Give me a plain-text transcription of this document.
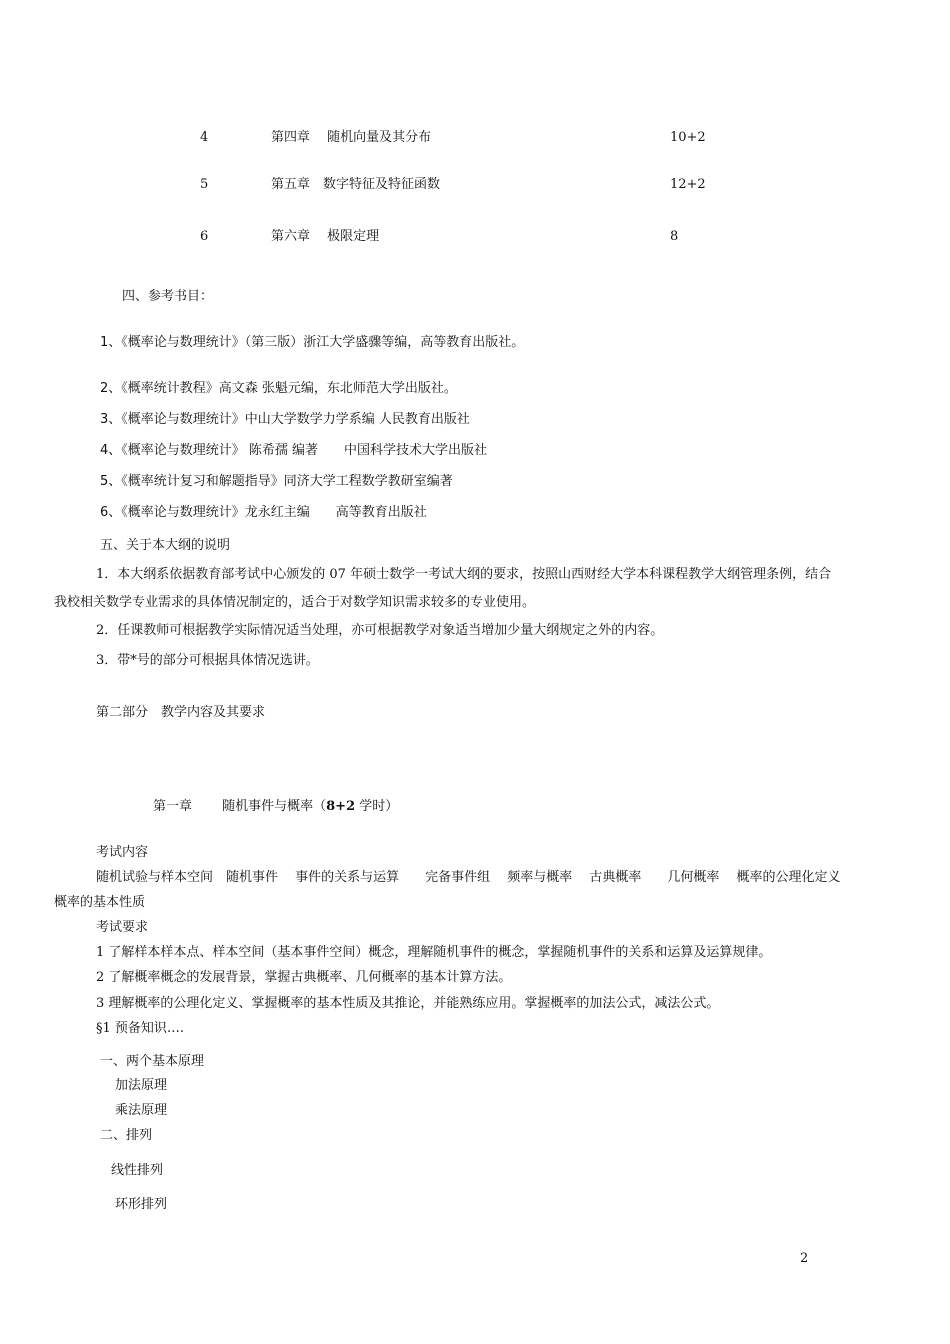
4	第四章　 随机向量及其分布	10+2
5	第五章　数字特征及特征函数	12+2
6	第六章　 极限定理	8
四、参考书目：
1、《概率论与数理统计》（第三版）浙江大学盛骤等编，高等教育出版社。
2、《概率统计教程》高文森 张魁元编，东北师范大学出版社。
3、《概率论与数理统计》中山大学数学力学系编 人民教育出版社
4、《概率论与数理统计》 陈希孺 编著　　中国科学技术大学出版社
5、《概率统计复习和解题指导》同济大学工程数学教研室编著
6、《概率论与数理统计》龙永红主编　　高等教育出版社
五、关于本大纲的说明
1．本大纲系依据教育部考试中心颁发的 07 年硕士数学一考试大纲的要求，按照山西财经大学本科课程教学大纲管理条例，结合
我校相关数学专业需求的具体情况制定的，适合于对数学知识需求较多的专业使用。
2．任课教师可根据教学实际情况适当处理，亦可根据教学对象适当增加少量大纲规定之外的内容。
3．带*号的部分可根据具体情况选讲。
第二部分　教学内容及其要求
第一章　　 随机事件与概率（8+2 学时）
考试内容
随机试验与样本空间　随机事件　 事件的关系与运算　　完备事件组　 频率与概率　 古典概率　　几何概率　 概率的公理化定义
概率的基本性质
考试要求
1 了解样本样本点、样本空间（基本事件空间）概念，理解随机事件的概念，掌握随机事件的关系和运算及运算规律。
2 了解概率概念的发展背景，掌握古典概率、几何概率的基本计算方法。
3 理解概率的公理化定义、掌握概率的基本性质及其推论，并能熟练应用。掌握概率的加法公式，减法公式。
§1 预备知识….
一、两个基本原理
加法原理
乘法原理
二、排列
线性排列
环形排列
2
